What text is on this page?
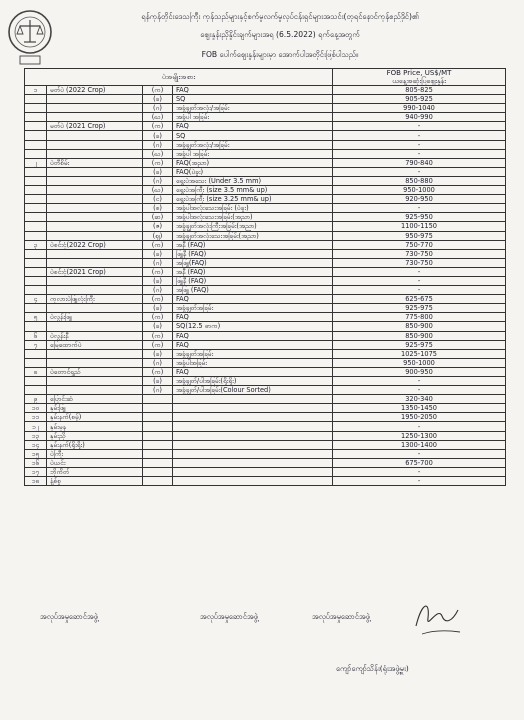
ရန်ကုန်တိုင်းဒေသကြီး ကုန်သည်များနှင့်စက်မှုလက်မှုလုပ်ငန်းရှင်များအသင်း(တုရင်နောင်ကုန်စည်ဒိုင်)၏
ဈေးနှုန်းညှိနှိုင်းချက်များအရ (6.5.2022) ရက်နေ့အတွက်
FOB ပေါက်ဈေးနှုန်းများမှာ အောက်ပါအတိုင်းဖြစ်ပါသည်။
ပဲအမျိုးအစား				FOB Price, US$/MT
ယနေ့အဆုံးပြဈေးနှုန်း

၁	မတ်ပဲ (2022 Crop)	(က)	FAQ	805-825
		(ခ)	SQ	905-925
		(ဂ)	အခွံချွတ်အလုံး/အခြမ်း	990-1040
		(ဃ)	အခွံပါ အခြမ်း	940-990
	မတ်ပဲ (2021 Crop)	(က)	FAQ	-
		(ခ)	SQ	-
		(ဂ)	အခွံချွတ်အလုံး/အခြမ်း	-
		(ဃ)	အခွံပါ အခြမ်း	-
၂	ပဲတီစိမ်း	(က)	FAQ(အညာ)	790-840
		(ခ)	FAQ(ပဲခူး)	-
		(ဂ)	ရွေးပဲအသေး (Under 3.5 mm)	850-880
		(ဃ)	ရွေးပဲအကြီး (size 3.5 mm& up)	950-1000
		(င)	ရွေးပဲအကြီး (size 3.25 mm& up)	920-950
		(စ)	အခွံပါအလုံးသေးအခြမ်း (ပဲခူး)	-
		(ဆ)	အခွံပါအလုံးသေးအခြမ်း(အညာ)	925-950
		(ဇ)	အခွံချွတ်အလုံးကြီးအခြမ်း(အညာ)	1100-1150
		(ဈ)	အခွံချွတ်အလုံးသေးအခြမ်း(အညာ)	950-975
၃	ပဲစင်းငုံ(2022 Crop)	(က)	အနီ (FAQ)	750-770
		(ခ)	ဖြူနီ (FAQ)	730-750
		(ဂ)	အဖြူ(FAQ)	730-750
	ပဲစင်းငုံ(2021 Crop)	(က)	အနီ (FAQ)	-
		(ခ)	ဖြူနီ (FAQ)	-
		(ဂ)	အဖြူ (FAQ)	-
၄	ကုလားပဲဖြူလုံးကြီး	(က)	FAQ	625-675
		(ခ)	အခွံချွတ်အခြမ်း	925-975
၅	ပဲလွန်းဖြူ	(က)	FAQ	775-800
		(ခ)	SQ(12.5 ဓာက)	850-900
၆	ပဲလွန်းနီ	(က)	FAQ	850-900
၇	မြေထောက်ပဲ	(က)	FAQ	925-975
		(ခ)	အခွံချွတ်အခြမ်း	1025-1075
		(ဂ)	အခွံပါအခြမ်း	950-1000
၈	ပဲတောင်ရှည်	(က)	FAQ	900-950
		(ခ)	အခွံချွတ်/ပါအခြမ်း(ရိုးရိုး)	-
		(ဂ)	အခွံချွတ်/ပါအခြမ်း(Colour Sorted)	-
၉	ပြောင်းဆံ			320-340
၁၀	နှမ်းဖြူ			1350-1450
၁၁	နှမ်းနက်(စမ့်)			1950-2050
၁၂	နှမ်းမှန			-
၁၃	နှမ်းညို			1250-1300
၁၄	နှမ်းနက်(ရိုးရိုး)			1300-1400
၁၅	ပဲကြီး			-
၁၆	ပဲယင်း			675-700
၁၇	ဘိုကိတ်			-
၁၈	နံ့စ်စူ			-
အလုပ်အမှုဆောင်အဖွဲ့	အလုပ်အမှုဆောင်အဖွဲ့	အလုပ်အမှုဆောင်အဖွဲ့
ကျော်ကျော်သိန်း(ရုံးအဖွဲ့မှူး)
